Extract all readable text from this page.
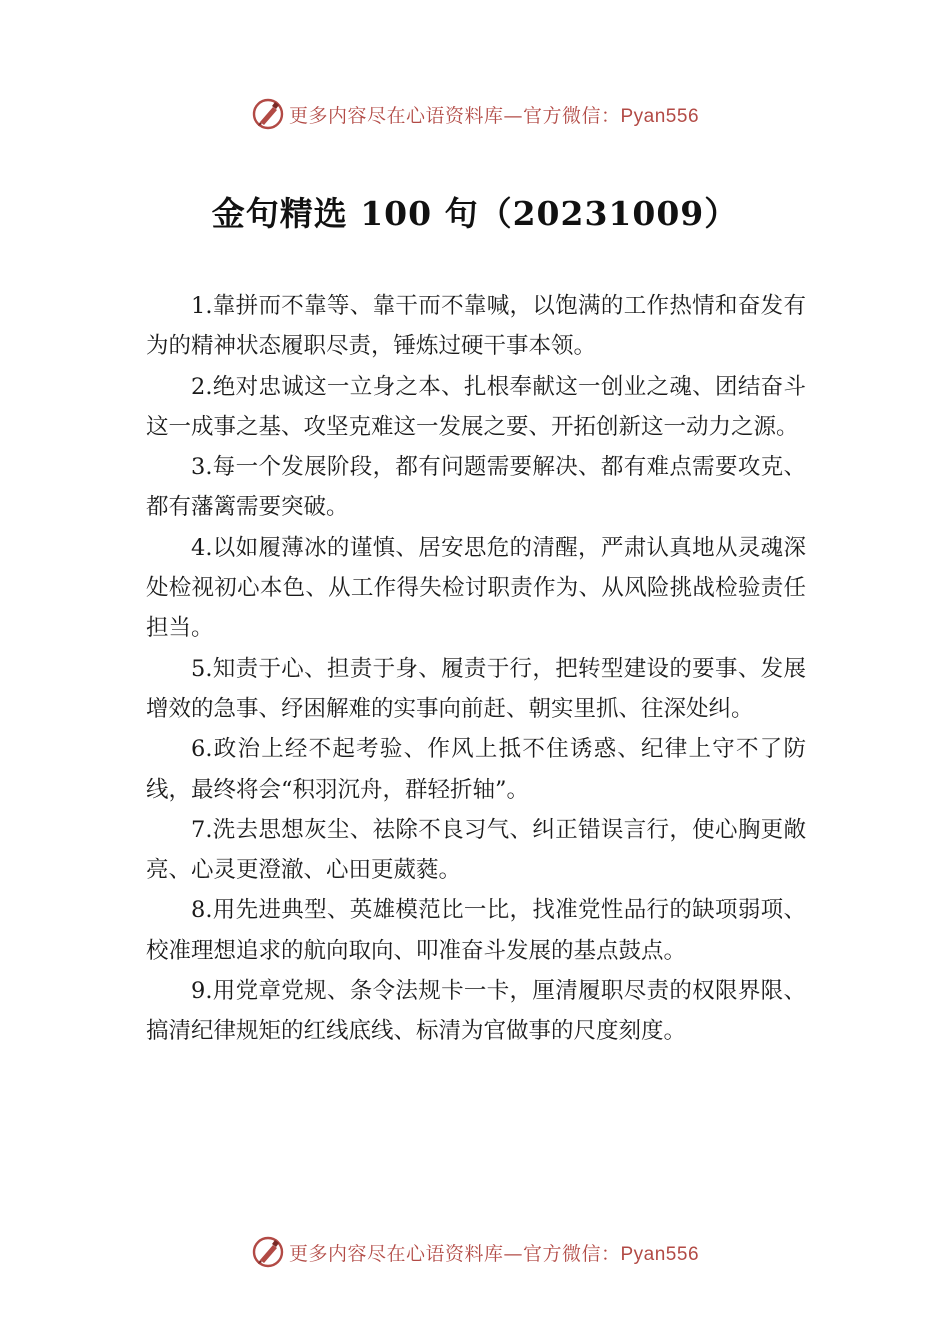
更多内容尽在心语资料库—官方微信：Pyan556
金句精选 100 句（20231009）

1.靠拼而不靠等、靠干而不靠喊，以饱满的工作热情和奋发有为的精神状态履职尽责，锤炼过硬干事本领。

2.绝对忠诚这一立身之本、扎根奉献这一创业之魂、团结奋斗这一成事之基、攻坚克难这一发展之要、开拓创新这一动力之源。

3.每一个发展阶段，都有问题需要解决、都有难点需要攻克、都有藩篱需要突破。

4.以如履薄冰的谨慎、居安思危的清醒，严肃认真地从灵魂深处检视初心本色、从工作得失检讨职责作为、从风险挑战检验责任担当。

5.知责于心、担责于身、履责于行，把转型建设的要事、发展增效的急事、纾困解难的实事向前赶、朝实里抓、往深处纠。

6.政治上经不起考验、作风上抵不住诱惑、纪律上守不了防线，最终将会“积羽沉舟，群轻折轴”。

7.洗去思想灰尘、祛除不良习气、纠正错误言行，使心胸更敞亮、心灵更澄澈、心田更葳蕤。

8.用先进典型、英雄模范比一比，找准党性品行的缺项弱项、校准理想追求的航向取向、叩准奋斗发展的基点鼓点。

9.用党章党规、条令法规卡一卡，厘清履职尽责的权限界限、搞清纪律规矩的红线底线、标清为官做事的尺度刻度。

更多内容尽在心语资料库—官方微信：Pyan556
